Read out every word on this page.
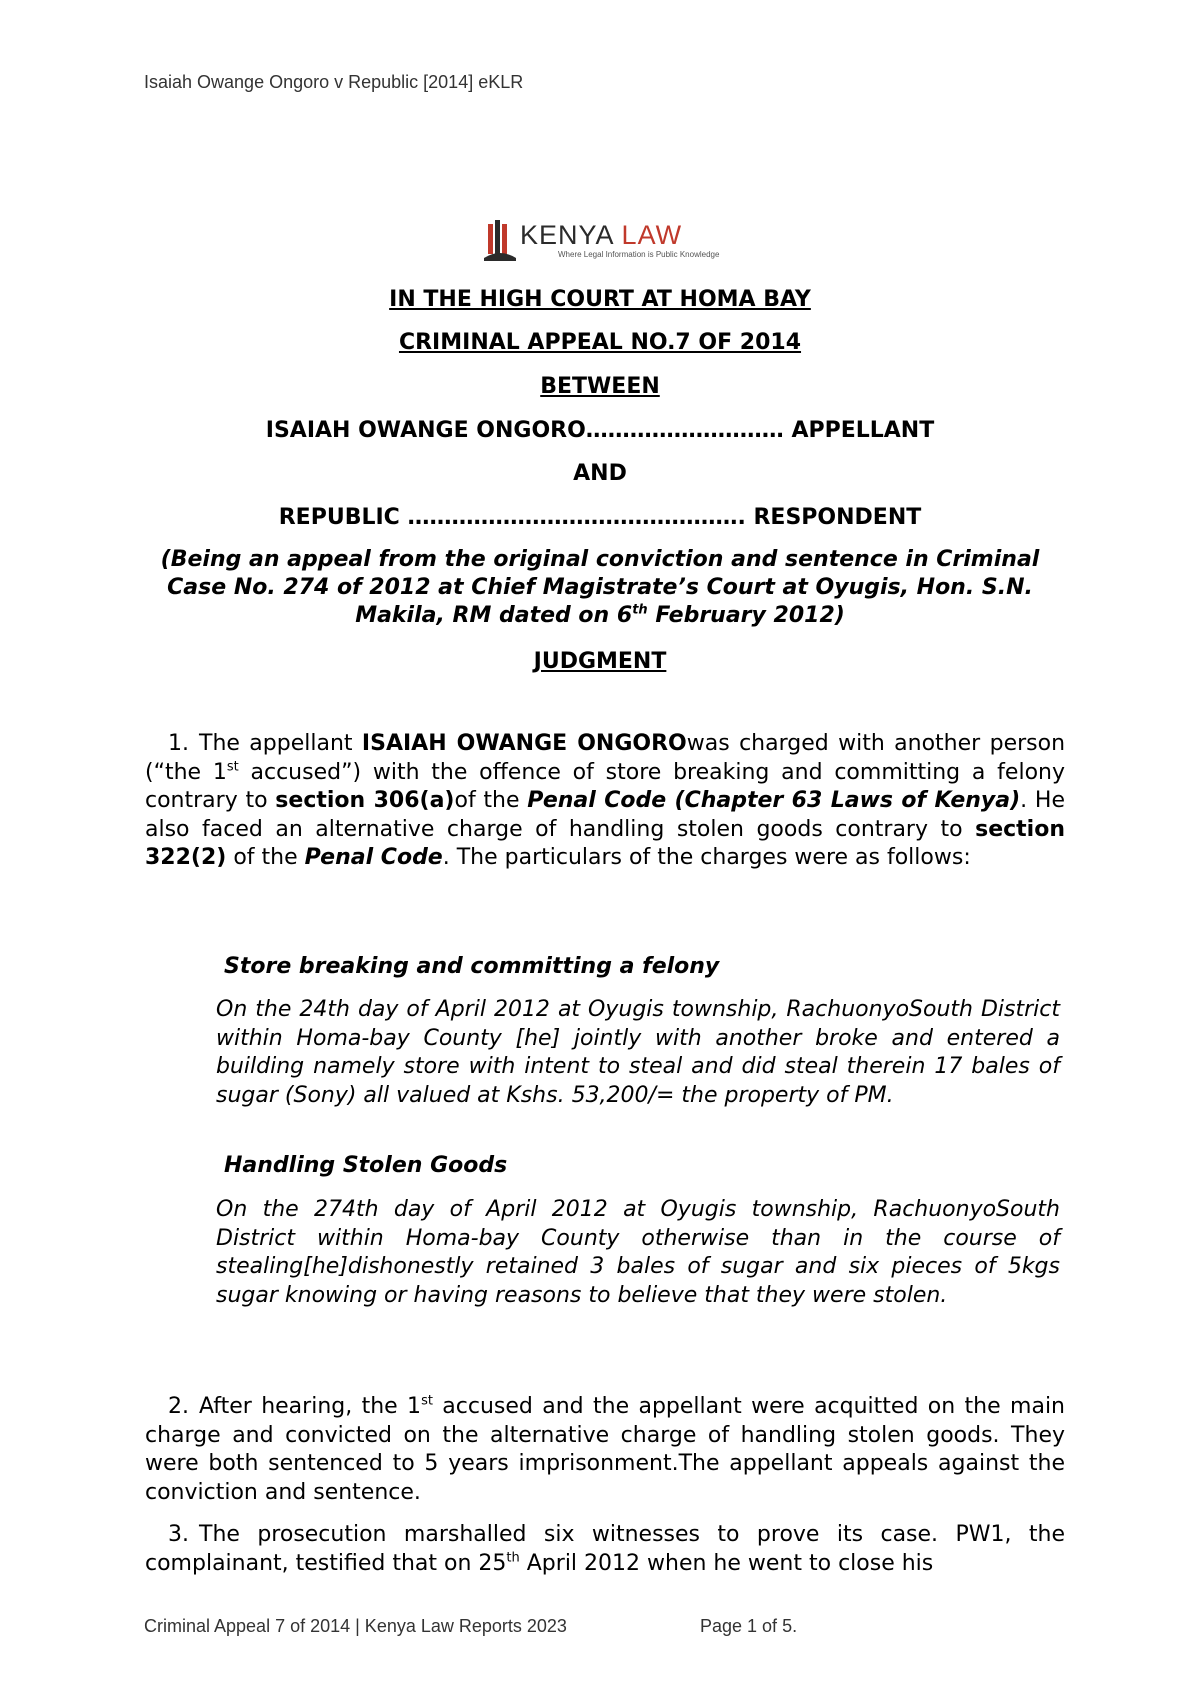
Isaiah Owange Ongoro v Republic [2014] eKLR
KENYA LAW
Where Legal Information is Public Knowledge
IN THE HIGH COURT AT HOMA BAY
CRIMINAL APPEAL NO.7 OF 2014
BETWEEN
ISAIAH OWANGE ONGORO……………………… APPELLANT
AND
REPUBLIC ………………………………………. RESPONDENT
(Being an appeal from the original conviction and sentence in Criminal Case No. 274 of 2012 at Chief Magistrate’s Court at Oyugis, Hon. S.N. Makila, RM dated on 6th February 2012)
JUDGMENT
1. The appellant ISAIAH OWANGE ONGOROwas charged with another person (“the 1st accused”) with the offence of store breaking and committing a felony contrary to section 306(a)of the Penal Code (Chapter 63 Laws of Kenya). He also faced an alternative charge of handling stolen goods contrary to section 322(2) of the Penal Code. The particulars of the charges were as follows:
Store breaking and committing a felony
On the 24th day of April 2012 at Oyugis township, RachuonyoSouth District within Homa-bay County [he] jointly with another broke and entered a building namely store with intent to steal and did steal therein 17 bales of sugar (Sony) all valued at Kshs. 53,200/= the property of PM.
Handling Stolen Goods
On the 274th day of April 2012 at Oyugis township, RachuonyoSouth District within Homa-bay County otherwise than in the course of stealing[he]dishonestly retained 3 bales of sugar and six pieces of 5kgs sugar knowing or having reasons to believe that they were stolen.
2. After hearing, the 1st accused and the appellant were acquitted on the main charge and convicted on the alternative charge of handling stolen goods. They were both sentenced to 5 years imprisonment.The appellant appeals against the conviction and sentence.
3. The prosecution marshalled six witnesses to prove its case. PW1, the complainant, testified that on 25th April 2012 when he went to close his
Criminal Appeal 7 of 2014 | Kenya Law Reports 2023	Page 1 of 5.
